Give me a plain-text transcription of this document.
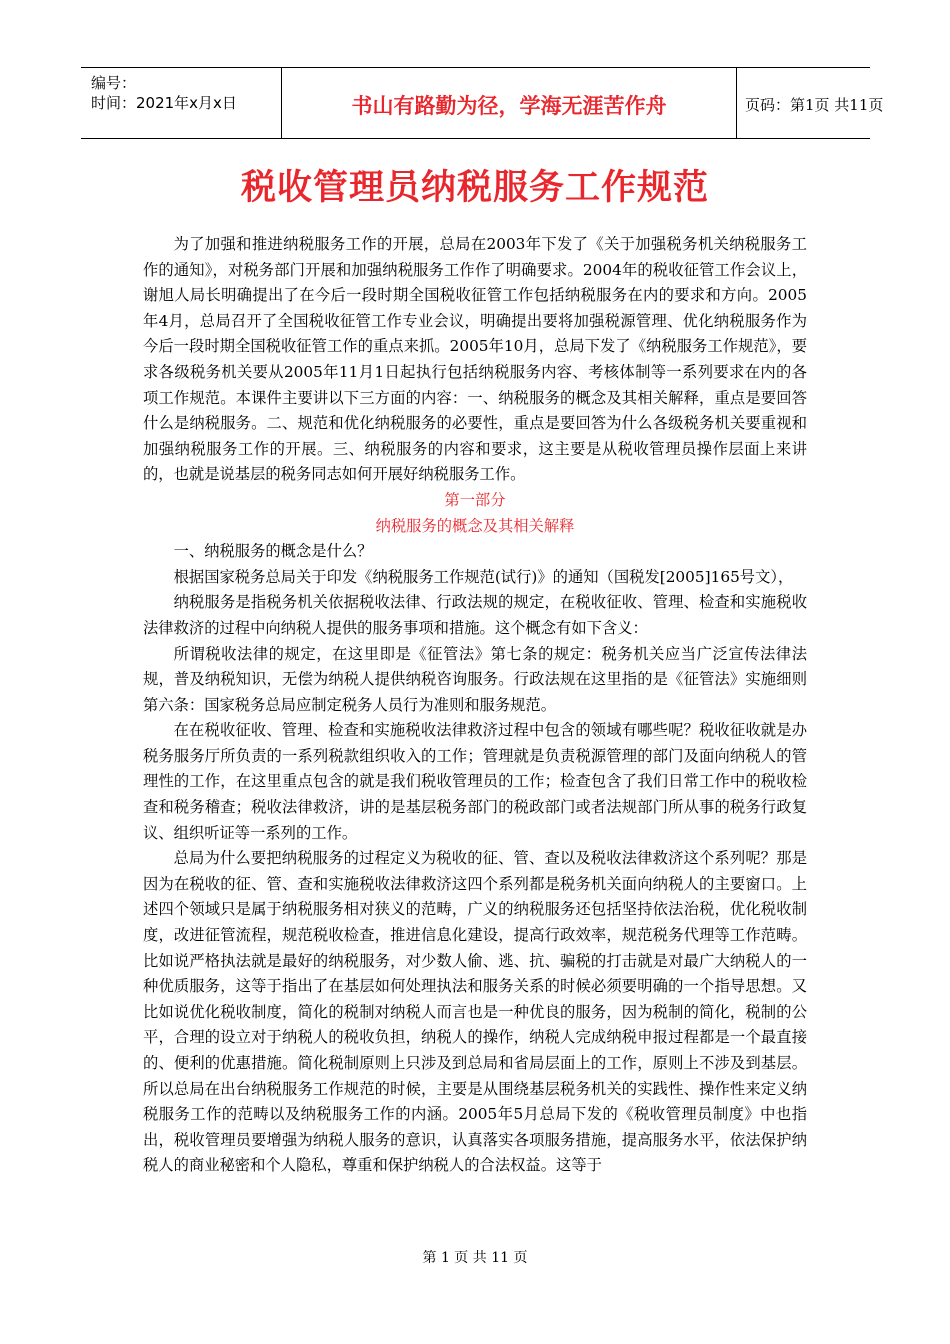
编号：
时间：2021年x月x日	书山有路勤为径，学海无涯苦作舟	页码：第1页 共11页
税收管理员纳税服务工作规范

为了加强和推进纳税服务工作的开展，总局在2003年下发了《关于加强税务机关纳税服务工作的通知》，对税务部门开展和加强纳税服务工作作了明确要求。2004年的税收征管工作会议上，谢旭人局长明确提出了在今后一段时期全国税收征管工作包括纳税服务在内的要求和方向。2005年4月，总局召开了全国税收征管工作专业会议，明确提出要将加强税源管理、优化纳税服务作为今后一段时期全国税收征管工作的重点来抓。2005年10月，总局下发了《纳税服务工作规范》，要求各级税务机关要从2005年11月1日起执行包括纳税服务内容、考核体制等一系列要求在内的各项工作规范。本课件主要讲以下三方面的内容：一、纳税服务的概念及其相关解释，重点是要回答什么是纳税服务。二、规范和优化纳税服务的必要性，重点是要回答为什么各级税务机关要重视和加强纳税服务工作的开展。三、纳税服务的内容和要求，这主要是从税收管理员操作层面上来讲的，也就是说基层的税务同志如何开展好纳税服务工作。

第一部分

纳税服务的概念及其相关解释

一、纳税服务的概念是什么？

根据国家税务总局关于印发《纳税服务工作规范(试行)》的通知（国税发[2005]165号文），

纳税服务是指税务机关依据税收法律、行政法规的规定，在税收征收、管理、检查和实施税收法律救济的过程中向纳税人提供的服务事项和措施。这个概念有如下含义：

所谓税收法律的规定，在这里即是《征管法》第七条的规定：税务机关应当广泛宣传法律法规，普及纳税知识，无偿为纳税人提供纳税咨询服务。行政法规在这里指的是《征管法》实施细则第六条：国家税务总局应制定税务人员行为准则和服务规范。

在在税收征收、管理、检查和实施税收法律救济过程中包含的领域有哪些呢？税收征收就是办税务服务厅所负责的一系列税款组织收入的工作；管理就是负责税源管理的部门及面向纳税人的管理性的工作，在这里重点包含的就是我们税收管理员的工作；检查包含了我们日常工作中的税收检查和税务稽查；税收法律救济，讲的是基层税务部门的税政部门或者法规部门所从事的税务行政复议、组织听证等一系列的工作。

总局为什么要把纳税服务的过程定义为税收的征、管、查以及税收法律救济这个系列呢？那是因为在税收的征、管、查和实施税收法律救济这四个系列都是税务机关面向纳税人的主要窗口。上述四个领域只是属于纳税服务相对狭义的范畴，广义的纳税服务还包括坚持依法治税，优化税收制度，改进征管流程，规范税收检查，推进信息化建设，提高行政效率，规范税务代理等工作范畴。比如说严格执法就是最好的纳税服务，对少数人偷、逃、抗、骗税的打击就是对最广大纳税人的一种优质服务，这等于指出了在基层如何处理执法和服务关系的时候必须要明确的一个指导思想。又比如说优化税收制度，简化的税制对纳税人而言也是一种优良的服务，因为税制的简化，税制的公平，合理的设立对于纳税人的税收负担，纳税人的操作，纳税人完成纳税申报过程都是一个最直接的、便利的优惠措施。简化税制原则上只涉及到总局和省局层面上的工作，原则上不涉及到基层。所以总局在出台纳税服务工作规范的时候，主要是从围绕基层税务机关的实践性、操作性来定义纳税服务工作的范畴以及纳税服务工作的内涵。2005年5月总局下发的《税收管理员制度》中也指出，税收管理员要增强为纳税人服务的意识，认真落实各项服务措施，提高服务水平，依法保护纳税人的商业秘密和个人隐私，尊重和保护纳税人的合法权益。这等于

第 1 页 共 11 页
